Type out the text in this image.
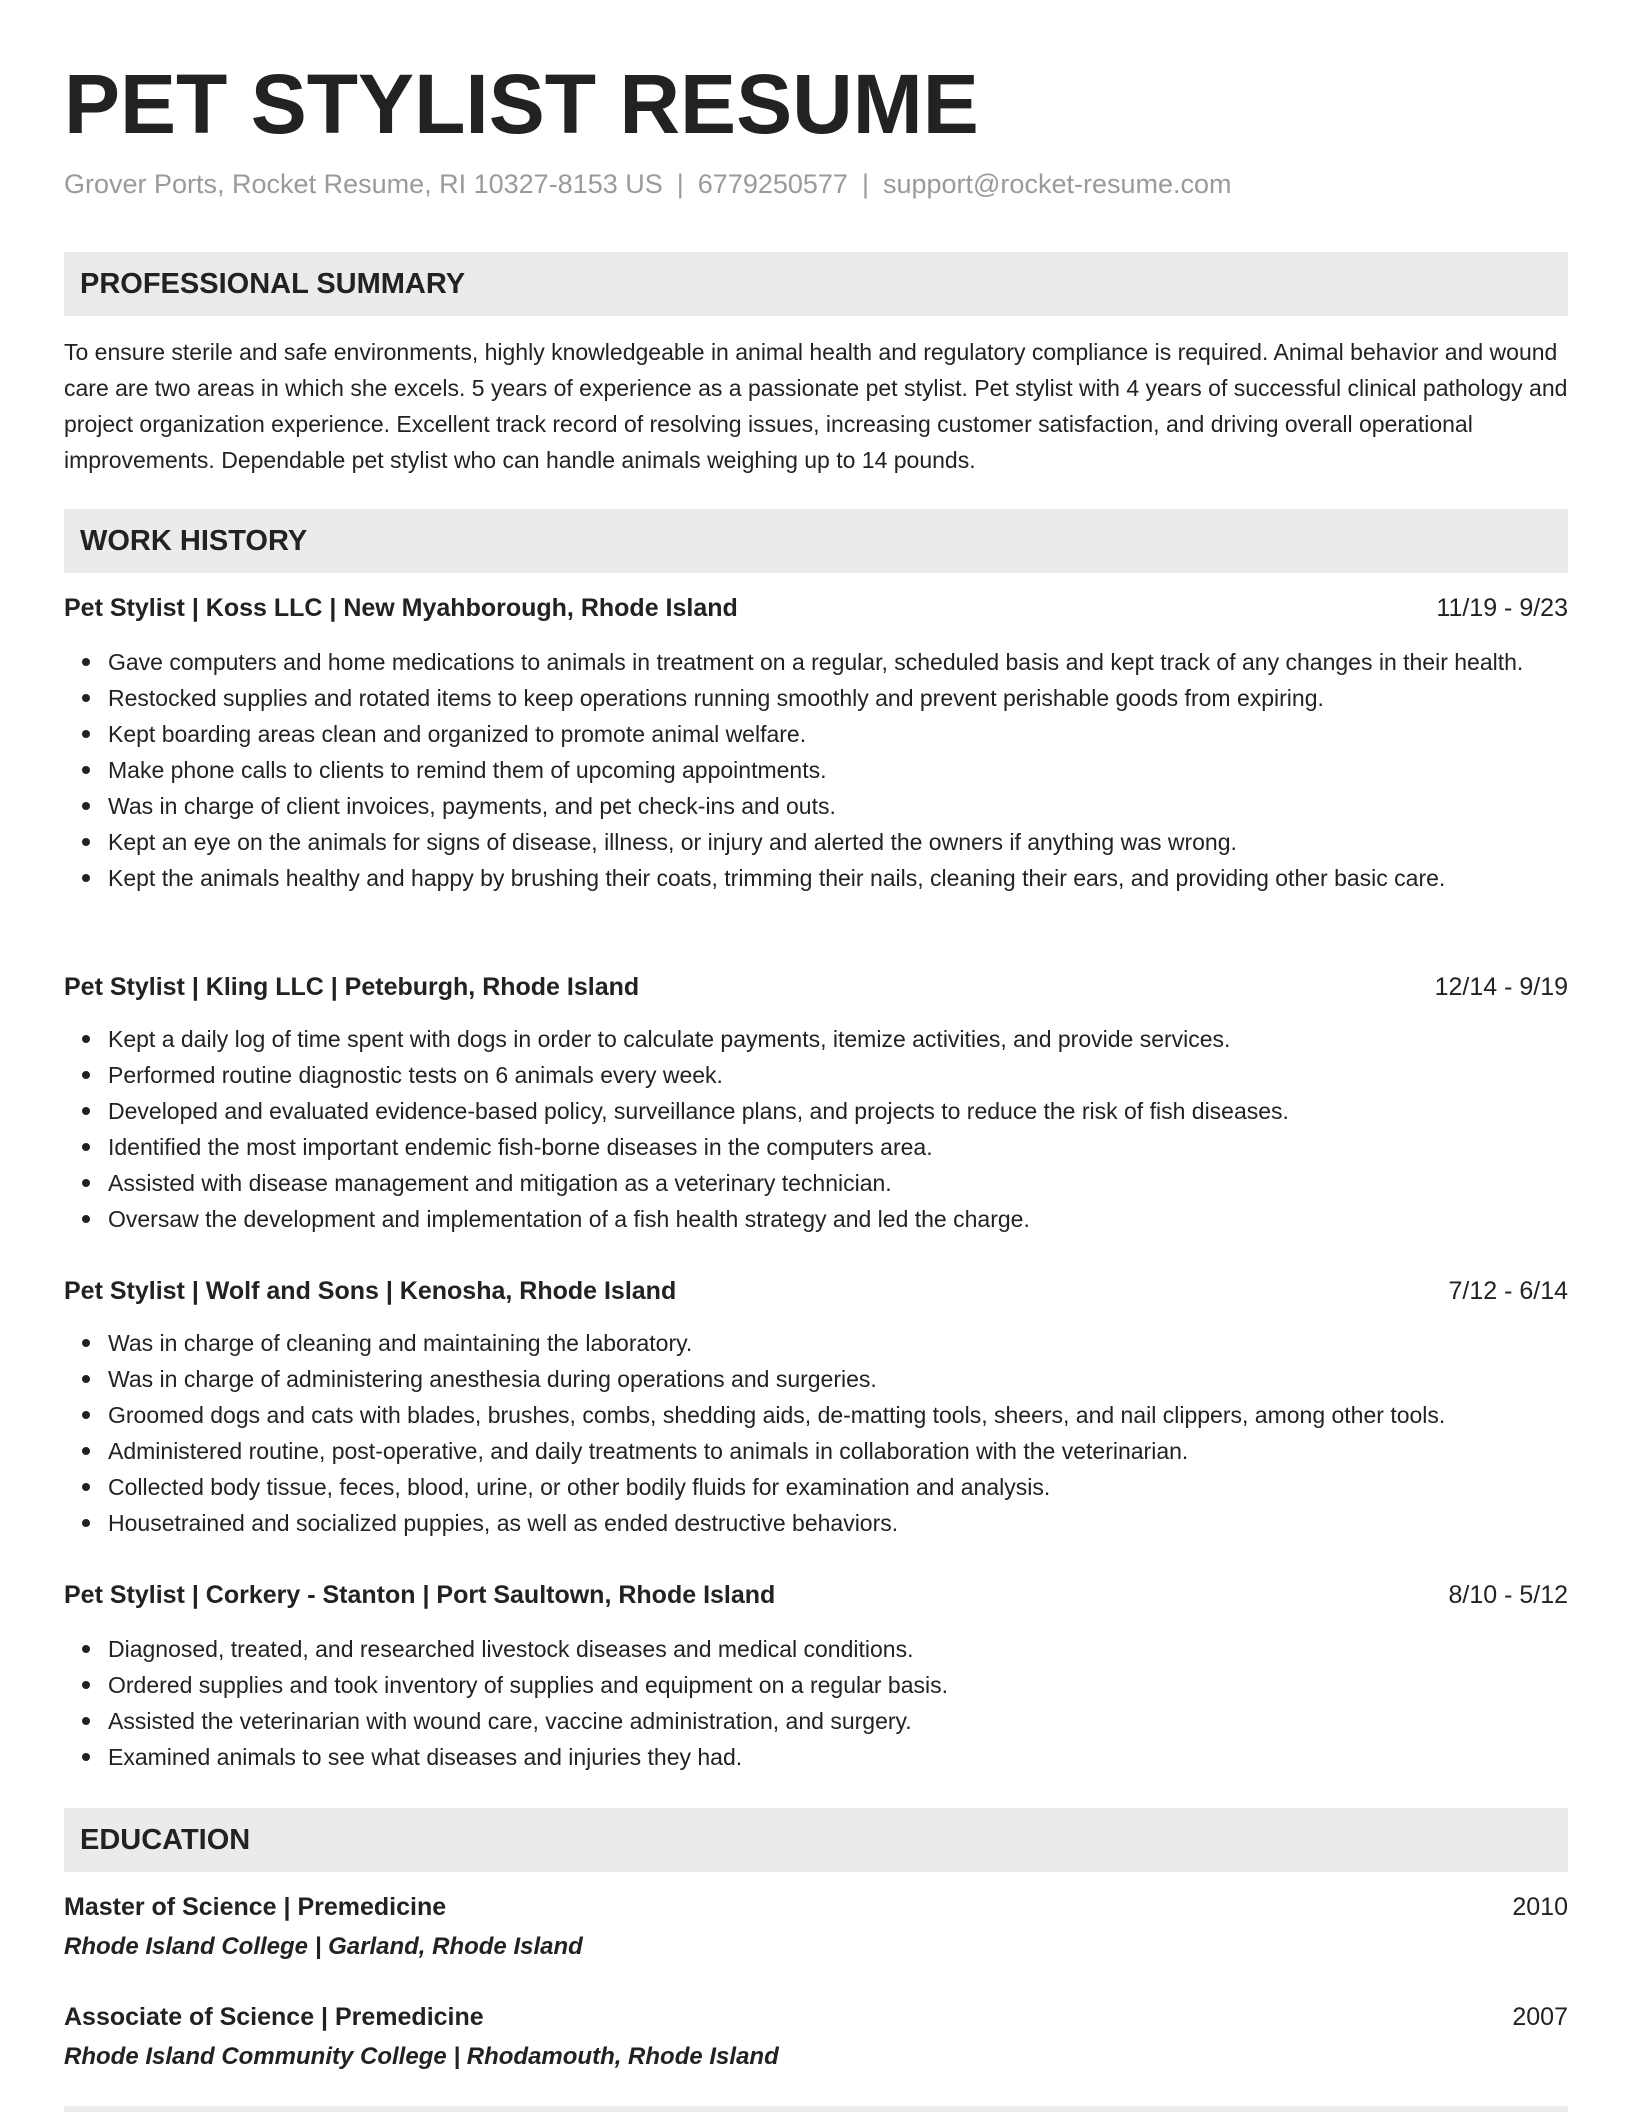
PET STYLIST RESUME
Grover Ports, Rocket Resume, RI 10327-8153 US | 6779250577 | support@rocket-resume.com
PROFESSIONAL SUMMARY

To ensure sterile and safe environments, highly knowledgeable in animal health and regulatory compliance is required. Animal behavior and wound care are two areas in which she excels. 5 years of experience as a passionate pet stylist. Pet stylist with 4 years of successful clinical pathology and project organization experience. Excellent track record of resolving issues, increasing customer satisfaction, and driving overall operational improvements. Dependable pet stylist who can handle animals weighing up to 14 pounds.

WORK HISTORY
Pet Stylist | Koss LLC | New Myahborough, Rhode Island	11/19 - 9/23
Gave computers and home medications to animals in treatment on a regular, scheduled basis and kept track of any changes in their health.
Restocked supplies and rotated items to keep operations running smoothly and prevent perishable goods from expiring.
Kept boarding areas clean and organized to promote animal welfare.
Make phone calls to clients to remind them of upcoming appointments.
Was in charge of client invoices, payments, and pet check-ins and outs.
Kept an eye on the animals for signs of disease, illness, or injury and alerted the owners if anything was wrong.
Kept the animals healthy and happy by brushing their coats, trimming their nails, cleaning their ears, and providing other basic care.
Pet Stylist | Kling LLC | Peteburgh, Rhode Island	12/14 - 9/19
Kept a daily log of time spent with dogs in order to calculate payments, itemize activities, and provide services.
Performed routine diagnostic tests on 6 animals every week.
Developed and evaluated evidence-based policy, surveillance plans, and projects to reduce the risk of fish diseases.
Identified the most important endemic fish-borne diseases in the computers area.
Assisted with disease management and mitigation as a veterinary technician.
Oversaw the development and implementation of a fish health strategy and led the charge.
Pet Stylist | Wolf and Sons | Kenosha, Rhode Island	7/12 - 6/14
Was in charge of cleaning and maintaining the laboratory.
Was in charge of administering anesthesia during operations and surgeries.
Groomed dogs and cats with blades, brushes, combs, shedding aids, de-matting tools, sheers, and nail clippers, among other tools.
Administered routine, post-operative, and daily treatments to animals in collaboration with the veterinarian.
Collected body tissue, feces, blood, urine, or other bodily fluids for examination and analysis.
Housetrained and socialized puppies, as well as ended destructive behaviors.
Pet Stylist | Corkery - Stanton | Port Saultown, Rhode Island	8/10 - 5/12
Diagnosed, treated, and researched livestock diseases and medical conditions.
Ordered supplies and took inventory of supplies and equipment on a regular basis.
Assisted the veterinarian with wound care, vaccine administration, and surgery.
Examined animals to see what diseases and injuries they had.
EDUCATION
Master of Science | Premedicine	2010
Rhode Island College | Garland, Rhode Island
Associate of Science | Premedicine	2007
Rhode Island Community College | Rhodamouth, Rhode Island
